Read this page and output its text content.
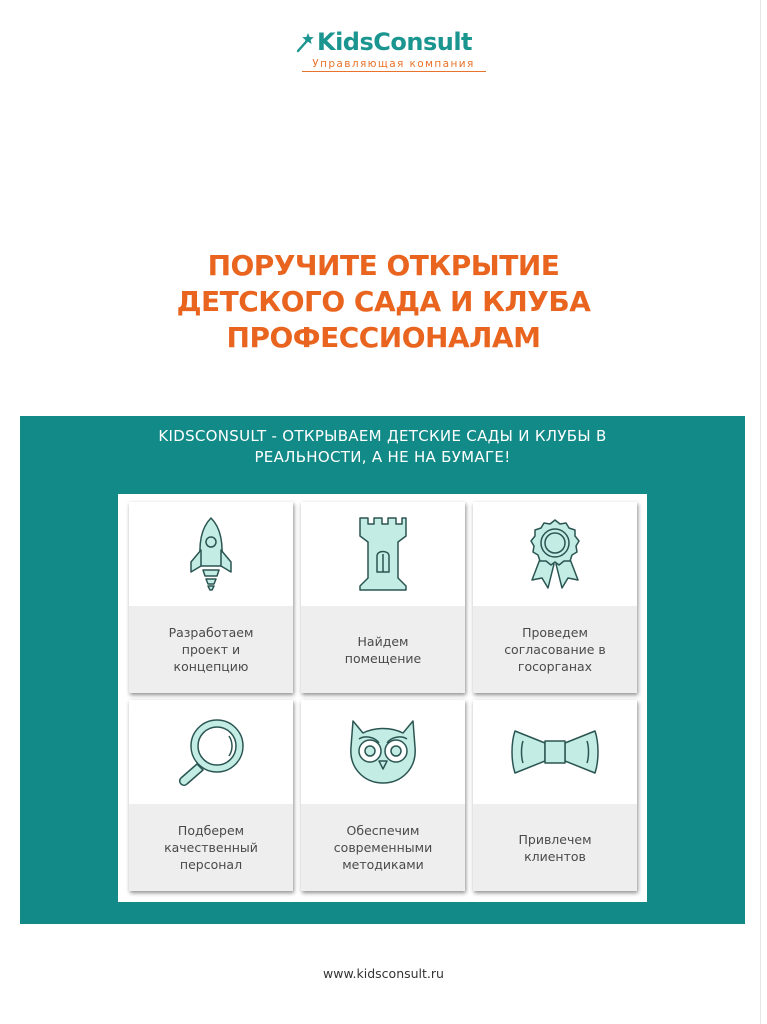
KidsConsult
Управляющая компания
ПОРУЧИТЕ ОТКРЫТИЕ
ДЕТСКОГО САДА И КЛУБА
ПРОФЕССИОНАЛАМ
KIDSCONSULT - ОТКРЫВАЕМ ДЕТСКИЕ САДЫ И КЛУБЫ В
РЕАЛЬНОСТИ, А НЕ НА БУМАГЕ!
Разработаем
проект и
концепцию
Найдем
помещение
Проведем
согласование в
госорганах
Подберем
качественный
персонал
Обеспечим
современными
методиками
Привлечем
клиентов
www.kidsconsult.ru
